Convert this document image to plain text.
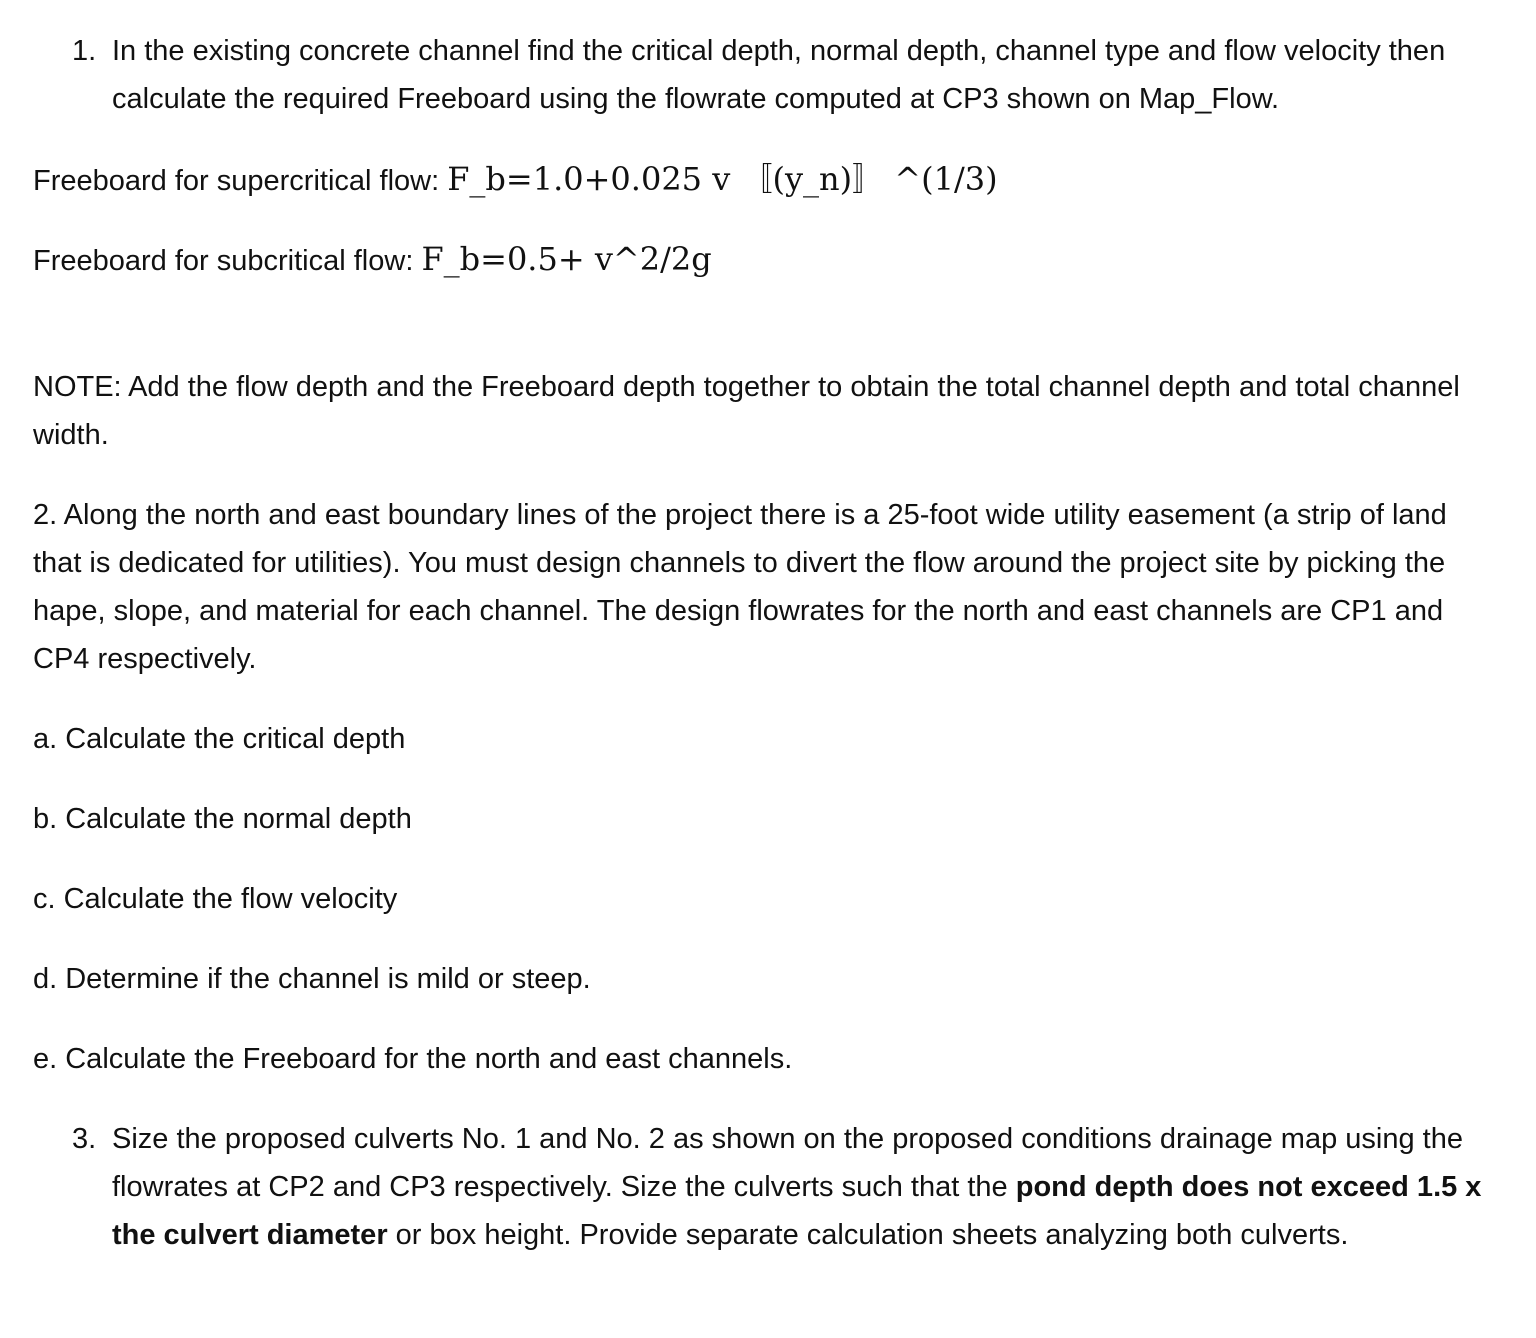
1. In the existing concrete channel find the critical depth, normal depth, channel type and flow velocity then calculate the required Freeboard using the flowrate computed at CP3 shown on Map_Flow.

Freeboard for supercritical flow: F_b=1.0+0.025 v 〚(y_n)〛 ^(1/3)

Freeboard for subcritical flow: F_b=0.5+ v^2/2g

NOTE: Add the flow depth and the Freeboard depth together to obtain the total channel depth and total channel width.

2. Along the north and east boundary lines of the project there is a 25-foot wide utility easement (a strip of land that is dedicated for utilities). You must design channels to divert the flow around the project site by picking the hape, slope, and material for each channel. The design flowrates for the north and east channels are CP1 and CP4 respectively.

a. Calculate the critical depth

b. Calculate the normal depth

c. Calculate the flow velocity

d. Determine if the channel is mild or steep.

e. Calculate the Freeboard for the north and east channels.

3. Size the proposed culverts No. 1 and No. 2 as shown on the proposed conditions drainage map using the flowrates at CP2 and CP3 respectively. Size the culverts such that the pond depth does not exceed 1.5 x the culvert diameter or box height. Provide separate calculation sheets analyzing both culverts.
